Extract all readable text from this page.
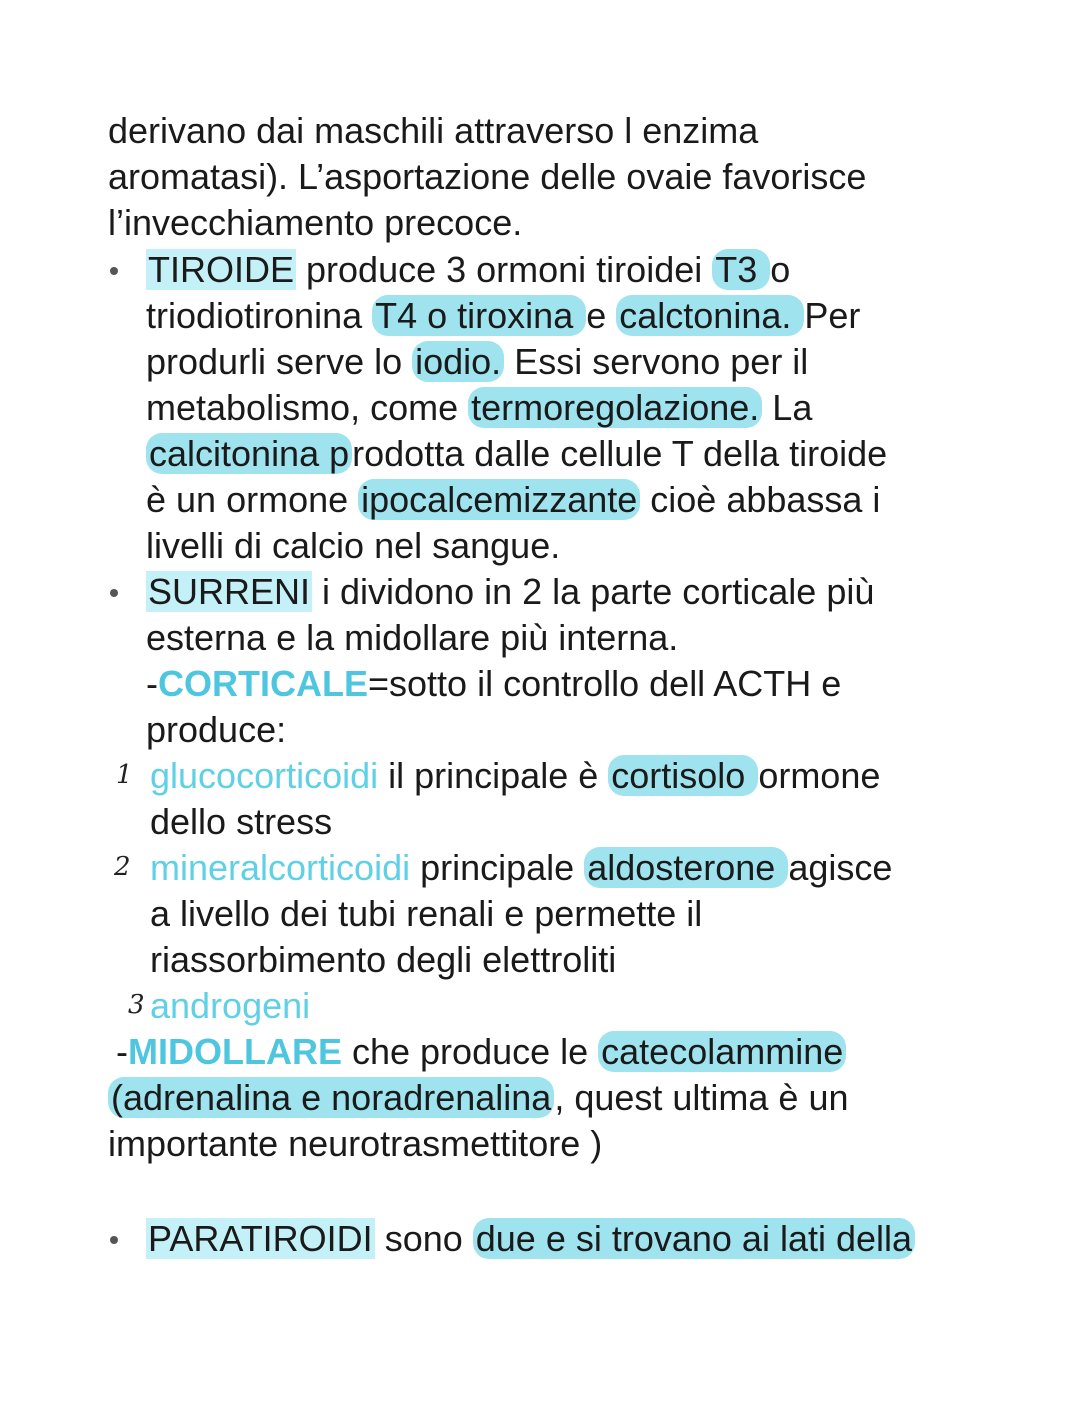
derivano dai maschili attraverso l enzima
aromatasi). L’asportazione delle ovaie favorisce
l’invecchiamento precoce.
TIROIDE produce 3 ormoni tiroidei T3 o
triodiotironina T4 o tiroxina e calctonina. Per
produrli serve lo iodio. Essi servono per il
metabolismo, come termoregolazione. La
calcitonina prodotta dalle cellule T della tiroide
è un ormone ipocalcemizzante cioè abbassa i
livelli di calcio nel sangue.
SURRENI i dividono in 2 la parte corticale più
esterna e la midollare più interna.
-CORTICALE=sotto il controllo dell ACTH e
produce:
1 glucocorticoidi il principale è cortisolo ormone
dello stress
2 mineralcorticoidi principale aldosterone agisce
a livello dei tubi renali e permette il
riassorbimento degli elettroliti
3 androgeni
-MIDOLLARE che produce le catecolammine
(adrenalina e noradrenalina, quest ultima è un
importante neurotrasmettitore )
PARATIROIDI sono due e si trovano ai lati della
